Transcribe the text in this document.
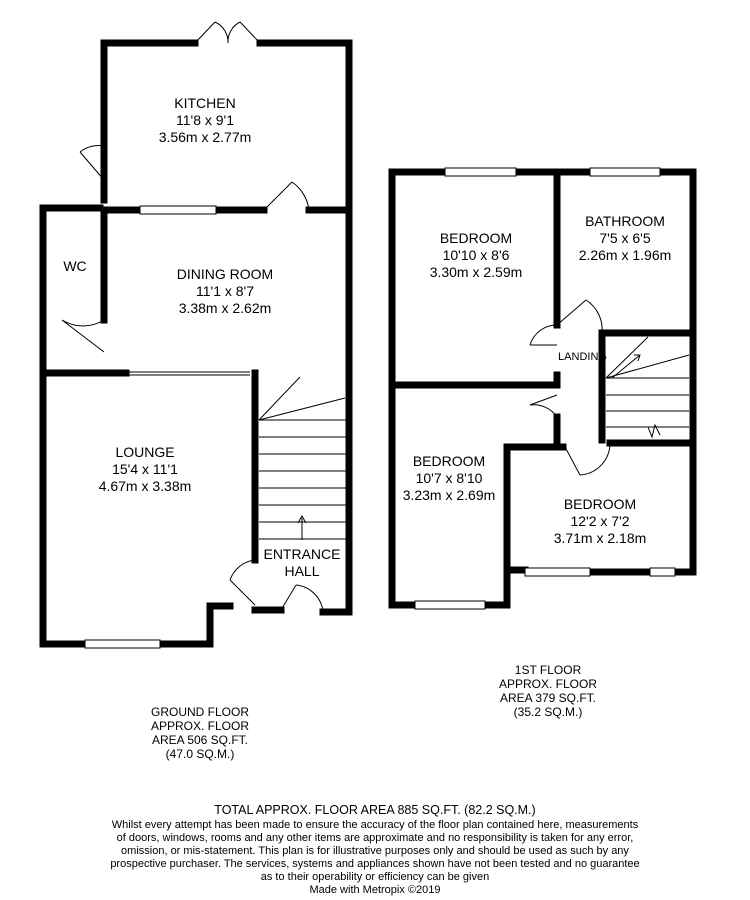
KITCHEN
11'8 x 9'1
3.56m x 2.77m
DINING ROOM
11'1 x 8'7
3.38m x 2.62m
WC
LOUNGE
15'4 x 11'1
4.67m x 3.38m
ENTRANCE
HALL
GROUND FLOOR
APPROX. FLOOR
AREA 506 SQ.FT.
(47.0 SQ.M.)
BEDROOM
10'10 x 8'6
3.30m x 2.59m
BATHROOM
7'5 x 6'5
2.26m x 1.96m
LANDING
BEDROOM
10'7 x 8'10
3.23m x 2.69m
BEDROOM
12'2 x 7'2
3.71m x 2.18m
1ST FLOOR
APPROX. FLOOR
AREA 379 SQ.FT.
(35.2 SQ.M.)
TOTAL APPROX. FLOOR AREA 885 SQ.FT. (82.2 SQ.M.)
Whilst every attempt has been made to ensure the accuracy of the floor plan contained here, measurements
of doors, windows, rooms and any other items are approximate and no responsibility is taken for any error,
omission, or mis-statement. This plan is for illustrative purposes only and should be used as such by any
prospective purchaser. The services, systems and appliances shown have not been tested and no guarantee
as to their operability or efficiency can be given
Made with Metropix ©2019
